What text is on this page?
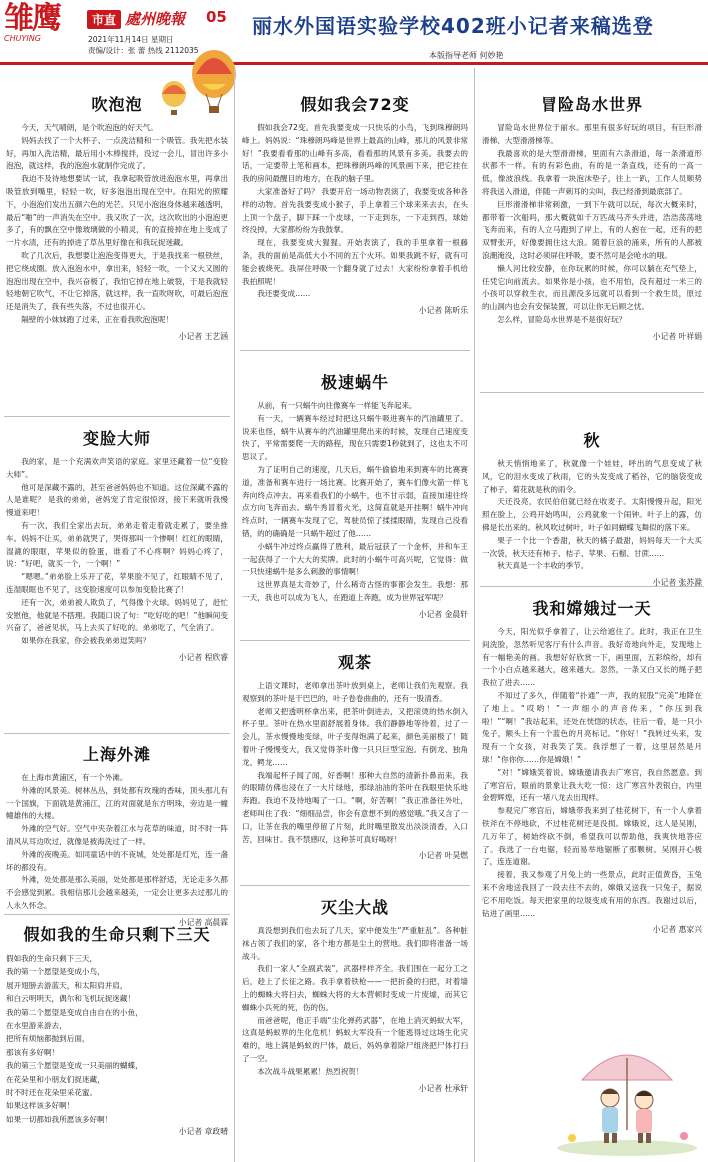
雏鹰
CHUYING
市直 處州晚報 05
2021年11月14日 星期日
责编/设计：张 蕾 热线 2112035
丽水外国语实验学校402班小记者来稿选登
本版指导老师 何妙艳
吹泡泡

今天，天气晴朗，是个吹泡泡的好天气。

妈妈去找了一个大杯子、一点洗洁精和一个吸管。我先把水装好，再加入洗洁精，最后用小木棒搅拌，没过一会儿，冒出许多小泡泡，就这样，我的泡泡水就制作完成了。

我迫不及待地想要试一试，我拿起吸管放进泡泡水里，再拿出吸管放到嘴里，轻轻一吹，好多泡泡出现在空中。在阳光的照耀下，小泡泡们发出五颜六色的光芒。只见小泡泡身体越来越透明，最后“啪”的一声消失在空中。我又吹了一次，这次吹出的小泡泡更多了，有的飘在空中像玻璃做的小精灵，有的直接掉在地上变成了一片水渍，还有的掉进了草丛里好像在和我玩捉迷藏。

吹了几次后，我想要让泡泡变得更大，于是我找来一根铁丝，把它绕成圈。放入泡泡水中，拿出来，轻轻一吹，一个又大又圆的泡泡出现在空中，我兴奋极了，我怕它掉在地上破裂，于是我就轻轻地朝它吹气，不让它掉落，就这样，我一直吹呀吹，可最后泡泡还是消失了，我有些失落，不过也很开心。

隔壁的小妹妹跑了过来，正在看我吹泡泡呢！

小记者 王艺涵
变脸大师

我的家，是一个充满欢声笑语的家庭。家里还藏着一位“变脸大师”。

他可是深藏不露的，甚至爸爸妈妈也不知道。这位深藏不露的人是谁呢？ 是我的弟弟，爸妈宠了肯定很惊讶，接下来就听我慢慢道来吧！

有一次，我们全家出去玩，弟弟走着走着就走累了，要坐推车。妈妈不让买，弟弟就哭了，哭得那叫一个惨啊！红红的眼睛，湿漉的眼眶，苹果似的脸蛋，谁看了不心疼啊？妈妈心疼了，说：“好吧，就买一个，一个啊！”

“嗯嗯。”弟弟脸上乐开了花，苹果脸不见了，红眼睛不见了，连湿眼眶也不见了，这变脸速度可以参加变脸比赛了！

还有一次，弟弟被人欺负了，气得像个火球。妈妈见了，赶忙安慰他，他就是不搭理。我随口说了句：“吃好吃的吧！”他瞬间变兴奋了，爸爸见状，马上去买了好吃的。弟弟吃了，气全消了。

如果你在我家，你会被我弟弟逗笑吗？

小记者 程欣睿
上海外滩

在上海市黄浦区，有一个外滩。

外滩的风景美。树林丛丛，到处都有玫瑰的香味，顶头那儿有一个国旗，下面就是黄浦江，江的对面就是东方明珠，旁边是一幢幢雄伟的大楼。

外滩的空气好。空气中夹杂着江水与花草的味道，时不时一阵清风从耳边吹过，就像是被海洗过了一样。

外滩的夜晚美。如同童话中的不夜城，处处都是灯光，连一盏坏的都没有。

外滩，处处都是那么美丽，处处都是那样舒适，无论走多久都不会感觉到累。我相信那儿会越来越美，一定会让更多去过那儿的人永久怀念。

小记者 高晨霖
假如我的生命只剩下三天

假如我的生命只剩下三天，

我的第一个愿望是变成小鸟，

展开翅膀去游蓝天，和太阳肩并肩，

和白云明明天，偶尔和飞机玩捉迷藏！

我的第二个愿望是变成自由自在的小鱼，

在水里游来游去，

把所有烦恼都抛到后面，

那该有多好啊！

我的第三个愿望是变成一只美丽的蝴蝶，

在花朵里和小朋友们捉迷藏，

时不时还在花朵里采花蜜。

如果这样该多好啊！

如果一切都如我所愿该多好啊！

小记者 章政晴
假如我会72变

假如我会72变。首先我要变成一只快乐的小鸟，飞到珠穆朗玛峰上。妈妈说：“珠穆朗玛峰是世界上最高的山峰，那儿的风景非常好！”我要看看那的山峰有多高，看看那的风景有多美。我要去的话，一定要带上笔和画本，把珠穆朗玛峰的风景画下来，把它挂在我的房间最醒目的地方，在我的脑子里。

大家准备好了吗？ 我要开启一场动物表演了，我要变成各种各样的动物。首先我要变成小猴子，手上拿着三个球来来去去，在头上顶一个盘子，脚下踩一个皮球，一下走到东，一下走到西，球始终没掉，大家都纷纷为我鼓掌。

现在，我要变成大猩猩。开始表演了，我的手里拿着一根藤条，我的面前是高低大小不同的五个火环。如果我跳不好，就有可能会被烧死。我屏住呼吸一个翻身就了过去！大家纷纷拿着手机给我拍照呢！

我还要变成……

小记者 陈昕乐
极速蜗牛

从前，有一只蜗牛向往像赛车一样能飞奔起来。

有一天，一辆赛车经过时把这只蜗牛吸进赛车的汽油罐里了。说来也怪，蜗牛从赛车的汽油罐里爬出来的时候，发现自己速度变快了，平常需要爬一天的路程，现在只需要1秒就到了，这也太不可思议了。

为了证明自己的速度，几天后，蜗牛偷偷地来到赛车的比赛赛道，准备和赛车进行一场比赛。比赛开始了，赛车们像火箭一样飞奔向终点冲去。再来看我们的小蜗牛，也不甘示弱，直接加速往终点方向飞奔而去。蜗牛秀冒着火光，这简直就是开挂啊！蜗牛冲向终点时，一辆赛车发现了它，驾驶员惊了揉揉眼睛，发现自己没看错，的的确确是一只蜗牛超过了他……

小蜗牛冲过终点赢得了胜利，最后冠获了一个金杯，并和车王一起获得了一个大大的奖牌。此时的小蜗牛可高兴呢，它觉得：做一只快速蜗牛是多么刺激的事情啊！

这世界真是太奇妙了，什么稀奇古怪的事都会发生。我想：那一天，我也可以成为飞人，在跑道上奔跑，成为世界冠军呢？

小记者 金晨轩
观茶

上语文课时，老师拿出茶叶放到桌上，老师让我们先观察。我观察到的茶叶是干巴巴的，叶子卷卷曲曲的，还有一股清香。

老师又把透明杯拿出来，把茶叶倒进去，又把滚烫的热水倒入杯子里。茶叶在热水里面舒展着身体。我们静静地等待着，过了一会儿，茶水慢慢地变绿，叶子变得饱满了起来，颜色美丽极了！随着叶子慢慢变大，我又觉得茶叶像一只只巨型宝泡。有倒龙、独角龙、鳄龙……

我端起杯子闻了闻，好香啊！那种大自然的清新扑鼻而来，我的眼睛仿佛也浸在了一大片绿地，那绿油油的茶叶在我眼里快乐地奔跑。我迫不及待地喝了一口。“啊，好苦啊！”我正准备往外吐，老师叫住了我：“细细品尝，你会有意想不到的感觉哦。”我又含了一口，让茶在我的嘴里停留了片刻，此时嘴里散发出淡淡清香，入口苦，回味甘。我不禁感叹，这种茶可真好喝呀！

小记者 叶昊燃
灭尘大战

真没想到我们也去玩了几天，家中便发生“严重脏乱”。各种脏袜占领了我们的家，各个地方都是尘土的营地。我们即将准备一场战斗。

我们一家人“全副武装”，武器样样齐全。我们围在一起分工之后，趁上了长征之路。我手拿着铁枪——一把折叠的扫把，对着墙上的蜘蛛大将扫去，蜘蛛大将的大本营顿时变成一片废墟，而其它蜘蛛小兵死的死，伤的伤。

而爸爸呢，他正手端“尘化弹药武器”，在地上消灭蚂蚁大军，这真是蚂蚁界的生化危机！蚂蚁大军没有一个能逃得过这场生化灾难的，地上满是蚂蚁的尸体，最后，妈妈拿着除尸组浇把尸体打扫了一空。

本次战斗战果累累！热烈祝贺！

小记者 杜承轩
冒险岛水世界

冒险岛水世界位于丽水。那里有很多好玩的项目，有巨形滑滑梯、大型滑滑梯等。

我最喜欢的是大型滑滑梯，里面有六条滑道，每一条滑道形状都不一样。有的有彩色曲，有的是一条直线，还有的一高一低，像波浪线。我拿着一块泡沫垫子，往上一趴，工作人员顺势将我送入滑道，伴随一声刺耳的尖叫，我已经滑到最底部了。

巨形滑滑梯非常刺激，一到下午就可以玩，每次大概来时，都带着一次船吗，那大概就如千万匹战马齐头并进，浩浩荡荡地飞奔而来，有的人立马跑到了岸上，有的人抱在一起，还有的把双臂张开，好像要拥住这大浪。随着巨浪的涌来，所有的人都被浪潮淹没，这时必须屏住呼吸，要不然可是会呛水的哦。

懒人河比较安静，在你玩累的时候，你可以躺在充气垫上，任凭它向前流去。如果你是小孩，也不用怕，没有超过一米三的小孩可以穿救生衣，而且源没多远就可以看到一个救生员，原过的山洞内也会有安保装置，可以让你无后顾之忧。

怎么样，冒险岛水世界是不是很好玩？

小记者 叶祥娟
秋

秋天悄悄地来了，秋就像一个娃娃，呼出的气息变成了秋风，它的泪水变成了秋雨，它的头发变成了稻谷，它的脑袋变成了柿子，菊花就是秋的雨令。

天还没亮，农民伯伯就已经在收麦子。太阳慢慢升起，阳光照在脸上，公鸡开始鸣叫，公鸡就象一个闹钟。叶子上的露，仿佛是长出来的。秋风吹过树叶，叶子如同蝴蝶飞舞似的落下来。

果子一个比一个香甜，秋天的橘子最甜，妈妈每天一个大买一次袋，秋天还有柿子、桔子、苹果、石榴、甘蔗……

秋天真是一个丰收的季节。

小记者 张苏滁
我和嫦娥过一天

今天，阳光似乎拿着了，让云给遮住了。此时，我正在卫生间洗脸，忽然听见客厅有什么声音。我好奇地向外走，发现地上有一幅艳美的画。我想好好欣赏一下，画里面，五彩缤纷，却有一个小白点越来越大，越来越大。忽然，一条又白又长的绳子把我拉了进去……

不知过了多久，伴随着“扑通”一声，我的屁股“完美”地降在了地上。“哎哟！”一声细小的声音传来，“你压到我啦！”“啊！”我站起来，还处在恍惚的状态，往后一看，是一只小兔子，额头上有一个蓝色的月亮标记。“你好！”我转过头来，发现有一个女孩，对我笑了笑。我浮想了一着，这里居然是月球！“你你你……你是嫦娥！”

“对！”嫦娥笑着说。嫦娥邀请我去广寒宫，我自然愿意。到了寒宫后，眼前的景象让我大吃一惊：这广寒宫外表银白，内里金碧辉煌，还有一堵八龙去出现样。

参观完广寒宫后，嫦娥带我来到了桂花树下，有一个人拿着铁斧在不停地砍，不过桂花树还是没损。嫦娥说，这人是吴刚，几万年了，树始终砍不倒，希望我可以帮助他，我爽快地答应了。我选了一台电锯，轻而易举地锯断了那颗树。吴刚开心极了，连连道谢。

接着，我又参观了月兔上的一些景点，此时正值黄昏，玉兔来不舍地送我回了一段去往不去的，嫦娥又送我一只兔子，据说它不用吃饭。每天把家里的垃圾变成有用的东西。我谢过以后，钻进了画里……

小记者 惠家兴
